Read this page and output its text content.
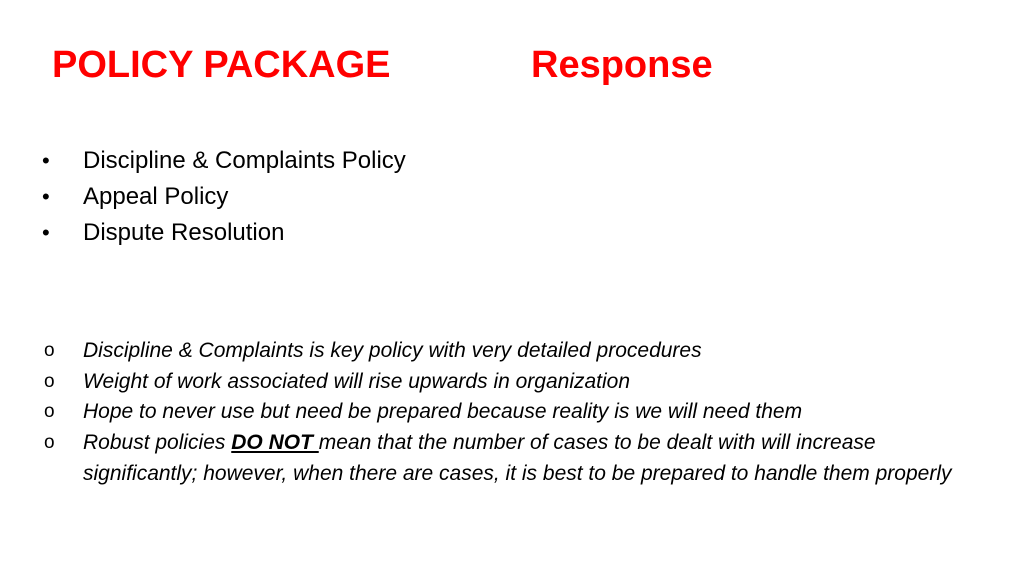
POLICY PACKAGE	Response
•	Discipline & Complaints Policy
•	Appeal Policy
•	Dispute Resolution
o Discipline & Complaints is key policy with very detailed procedures
o Weight of work associated will rise upwards in organization
o Hope to never use but need be prepared because reality is we will need them
o Robust policies DO NOT mean that the number of cases to be dealt with will increase significantly; however, when there are cases, it is best to be prepared to handle them properly
